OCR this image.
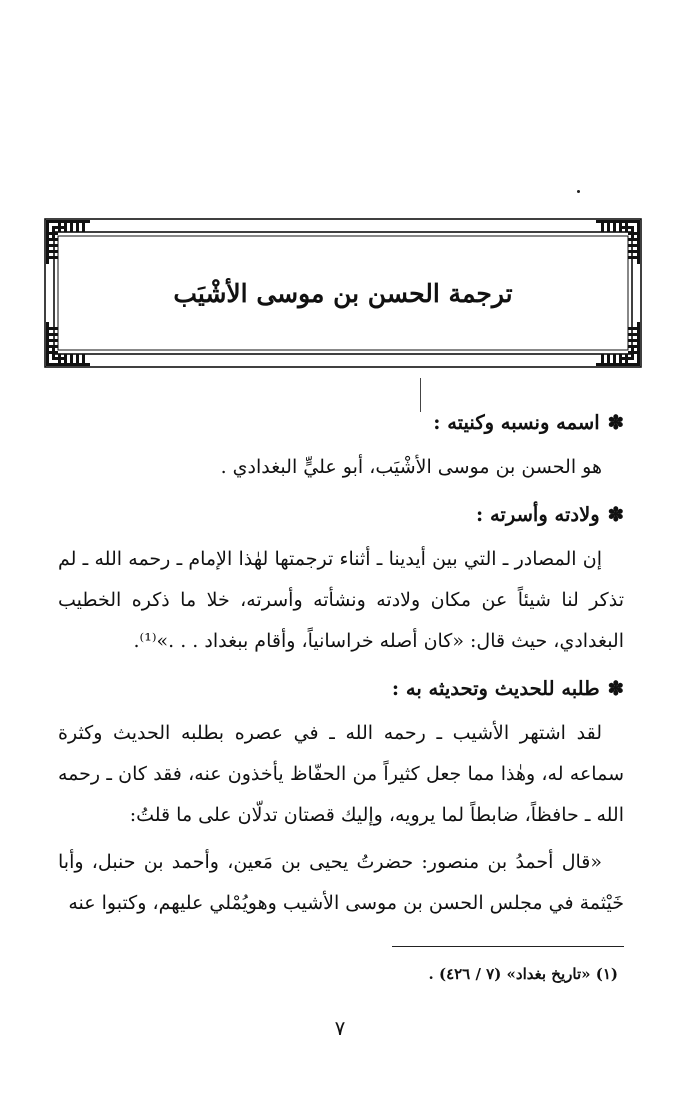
ترجمة الحسن بن موسى الأشْيَب

✽اسمه ونسبه وكنيته :

هو الحسن بن موسى الأشْيَب، أبو عليٍّ البغدادي .

✽ولادته وأسرته :

إن المصادر ـ التي بين أيدينا ـ أثناء ترجمتها لهٰذا الإمام ـ رحمه الله ـ لم تذكر لنا شيئاً عن مكان ولادته ونشأته وأسرته، خلا ما ذكره الخطيب البغدادي، حيث قال: «كان أصله خراسانياً، وأقام ببغداد . . .»⁽¹⁾.

✽طلبه للحديث وتحديثه به :

لقد اشتهر الأشيب ـ رحمه الله ـ في عصره بطلبه الحديث وكثرة سماعه له، وهٰذا مما جعل كثيراً من الحفّاظ يأخذون عنه، فقد كان ـ رحمه الله ـ حافظاً، ضابطاً لما يرويه، وإليك قصتان تدلّان على ما قلتُ:

«قال أحمدُ بن منصور: حضرتُ يحيى بن مَعين، وأحمد بن حنبل، وأبا خَيْثمة في مجلس الحسن بن موسى الأشيب وهويُمْلي عليهم، وكتبوا عنه

(١) «تاريخ بغداد» (٧ / ٤٢٦) .
٧
